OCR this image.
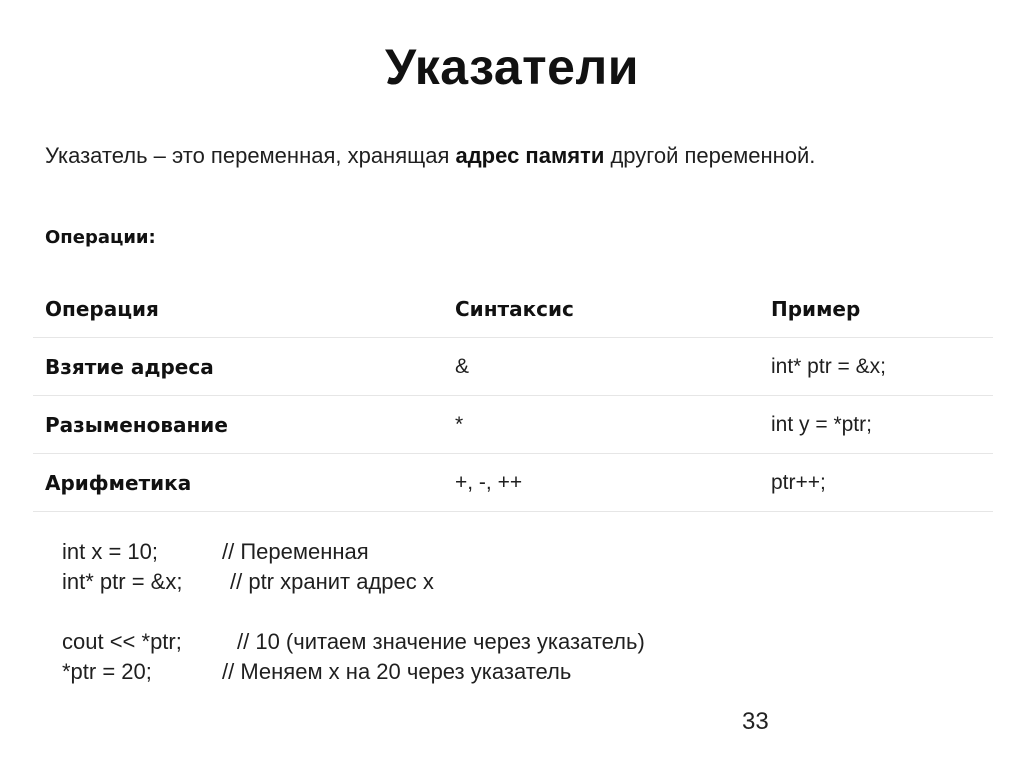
Указатели
Указатель – это переменная, хранящая адрес памяти другой переменной.
Операции:
Операция	Синтаксис	Пример
Взятие адреса	&	int* ptr = &x;
Разыменование	*	int y = *ptr;
Арифметика	+, -, ++	ptr++;
int x = 10;	// Переменная
int* ptr = &x; // ptr хранит адрес x
cout << *ptr;	// 10 (читаем значение через указатель)
*ptr = 20;	// Меняем x на 20 через указатель
33
